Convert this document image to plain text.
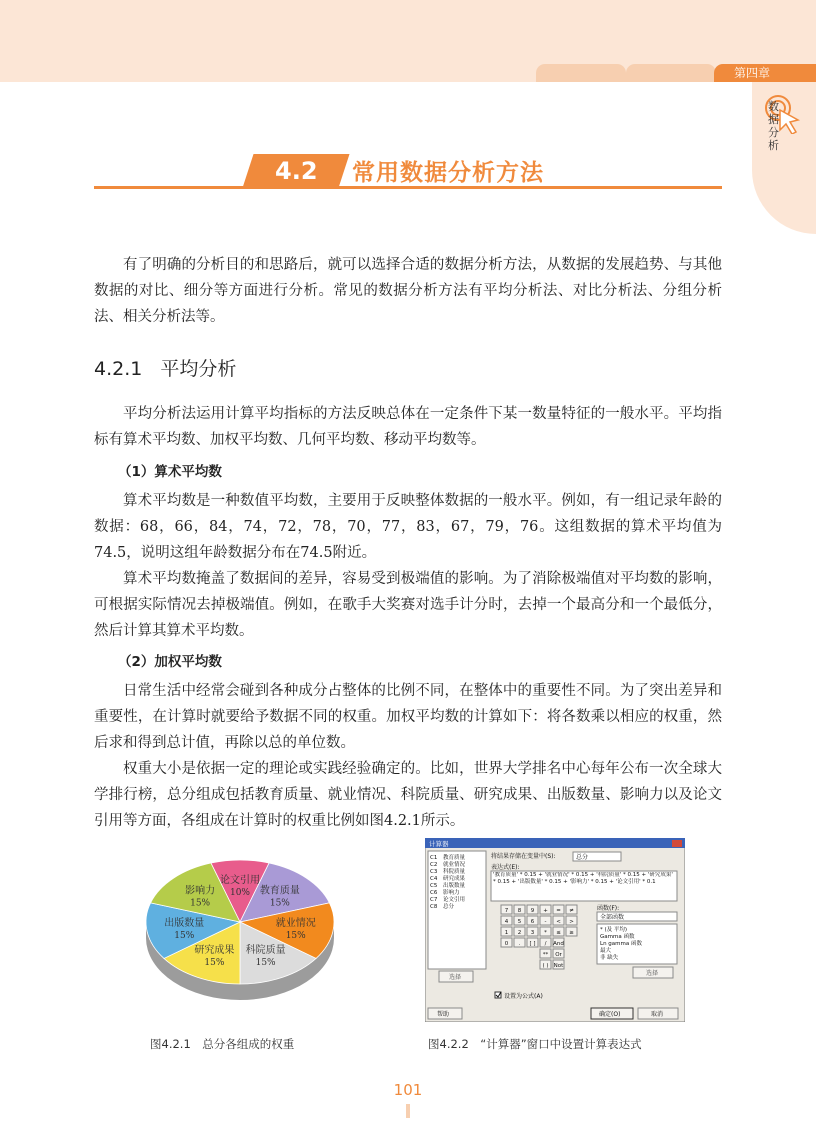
第四章
数据分析
4.2	常用数据分析方法

有了明确的分析目的和思路后，就可以选择合适的数据分析方法，从数据的发展趋势、与其他数据的对比、细分等方面进行分析。常见的数据分析方法有平均分析法、对比分析法、分组分析法、相关分析法等。

4.2.1 平均分析

平均分析法运用计算平均指标的方法反映总体在一定条件下某一数量特征的一般水平。平均指标有算术平均数、加权平均数、几何平均数、移动平均数等。

（1）算术平均数

算术平均数是一种数值平均数，主要用于反映整体数据的一般水平。例如，有一组记录年龄的数据：68，66，84，74，72，78，70，77，83，67，79，76。这组数据的算术平均值为74.5，说明这组年龄数据分布在74.5附近。

算术平均数掩盖了数据间的差异，容易受到极端值的影响。为了消除极端值对平均数的影响，可根据实际情况去掉极端值。例如，在歌手大奖赛对选手计分时，去掉一个最高分和一个最低分，然后计算其算术平均数。

（2）加权平均数

日常生活中经常会碰到各种成分占整体的比例不同，在整体中的重要性不同。为了突出差异和重要性，在计算时就要给予数据不同的权重。加权平均数的计算如下：将各数乘以相应的权重，然后求和得到总计值，再除以总的单位数。

权重大小是依据一定的理论或实践经验确定的。比如，世界大学排名中心每年公布一次全球大学排行榜，总分组成包括教育质量、就业情况、科院质量、研究成果、出版数量、影响力以及论文引用等方面，各组成在计算时的权重比例如图4.2.1所示。

论文引用
10% 教育质量
15%
就业情况
15%
科院质量
15%
研究成果
15%
出版数量
15%
影响力
15%
计算器
C1 教育质量
C2 就业情况
C3 科院质量
C4 研究成果
C5 出版数量
C6 影响力
C7 论文引用
C8 总分
将结果存储在变量中(S):	总分
表达式(E):
'教育质量' * 0.15 + '就业情况' * 0.15 + '科院质量' * 0.15 + '研究成果' * 0.15 + '出版数量' * 0.15 + '影响力' * 0.15 + '论文引用' * 0.1
7 8 9 + = ≠
4 5 6 - < >
1 2 3 * ≤ ≥
0 . [ ] / And
** Or
( ) Not
函数(F):
全部函数
* (及 平均)
Gamma 函数
Ln gamma 函数
最大
非 缺失
选择
选择
设置为公式(A)
帮助	确定(O)	取消
图4.2.1　总分各组成的权重	图4.2.2　“计算器”窗口中设置计算表达式
101
